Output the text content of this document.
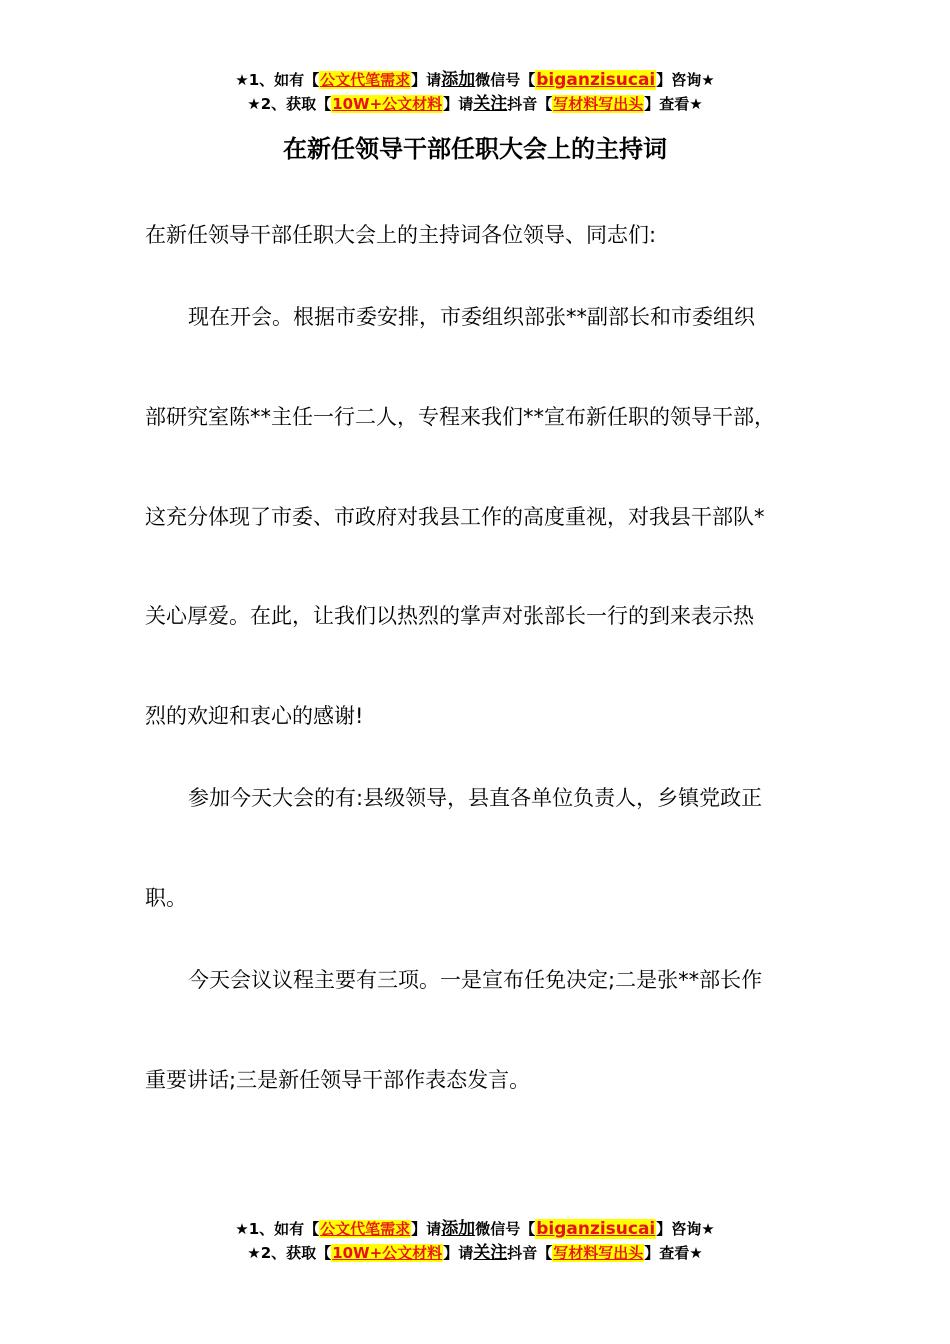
★1、如有【公文代笔需求】请添加微信号【biganzisucai】咨询★
★2、获取【10W+公文材料】请关注抖音【写材料写出头】查看★
在新任领导干部任职大会上的主持词
在新任领导干部任职大会上的主持词各位领导、同志们:
现在开会。根据市委安排，市委组织部张**副部长和市委组织
部研究室陈**主任一行二人，专程来我们**宣布新任职的领导干部，
这充分体现了市委、市政府对我县工作的高度重视，对我县干部队*
关心厚爱。在此，让我们以热烈的掌声对张部长一行的到来表示热
烈的欢迎和衷心的感谢!
参加今天大会的有:县级领导，县直各单位负责人，乡镇党政正
职。
今天会议议程主要有三项。一是宣布任免决定;二是张**部长作
重要讲话;三是新任领导干部作表态发言。
★1、如有【公文代笔需求】请添加微信号【biganzisucai】咨询★
★2、获取【10W+公文材料】请关注抖音【写材料写出头】查看★
